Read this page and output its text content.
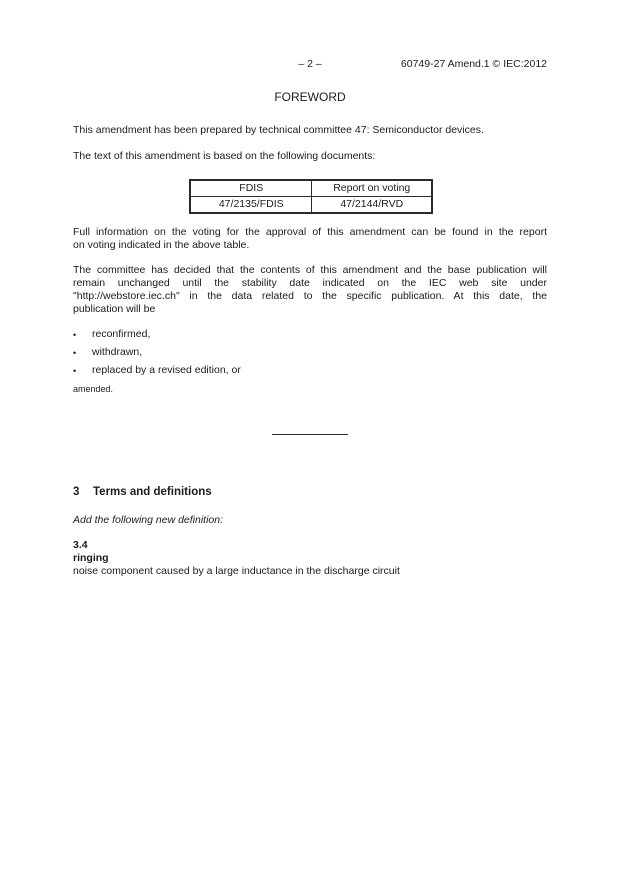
– 2 –	60749-27 Amend.1 © IEC:2012
FOREWORD
This amendment has been prepared by technical committee 47: Semiconductor devices.
The text of this amendment is based on the following documents:
FDIS	Report on voting
47/2135/FDIS	47/2144/RVD
Full information on the voting for the approval of this amendment can be found in the report
on voting indicated in the above table.
The committee has decided that the contents of this amendment and the base publication will
remain unchanged until the stability date indicated on the IEC web site under
"http://webstore.iec.ch" in the data related to the specific publication. At this date, the
publication will be
•	reconfirmed,
•	withdrawn,
•	replaced by a revised edition, or
amended.
3 Terms and definitions
Add the following new definition:
3.4
ringing
noise component caused by a large inductance in the discharge circuit
